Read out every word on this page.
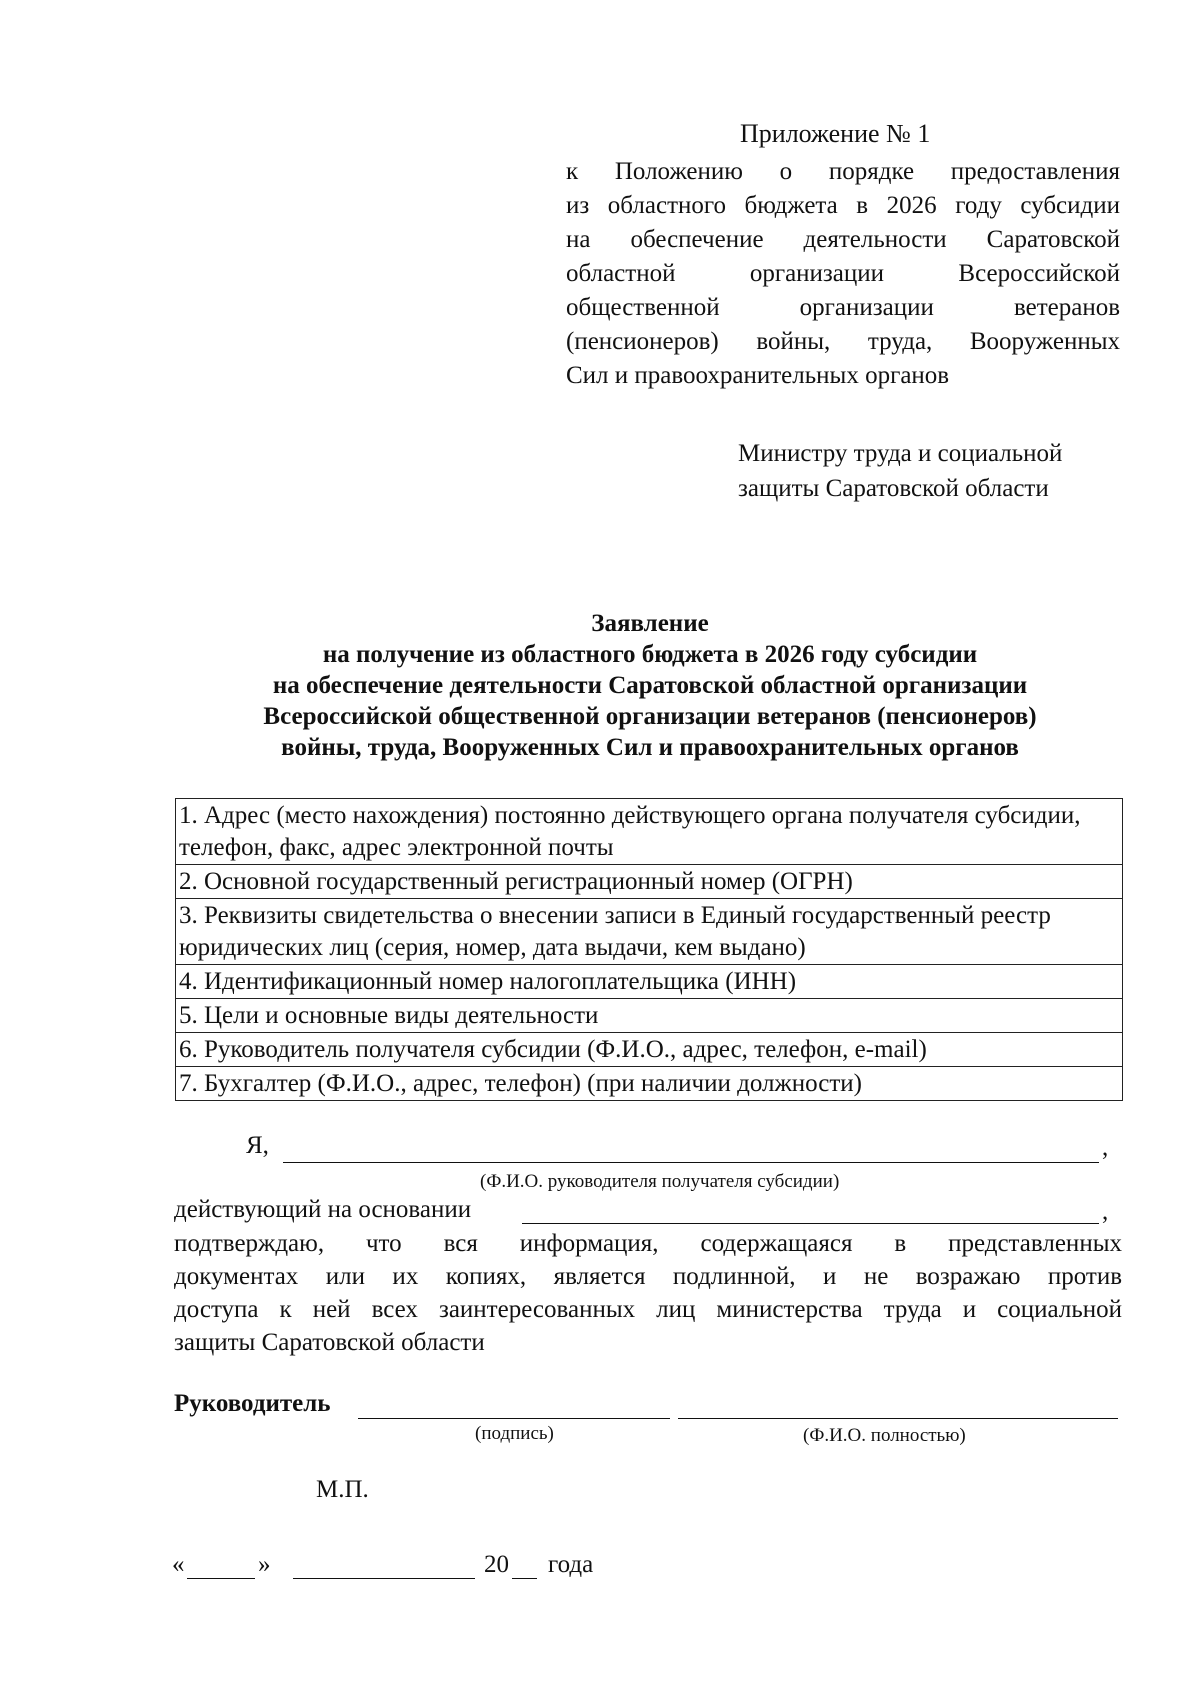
Приложение № 1
к Положению о порядке предоставления
из областного бюджета в 2026 году субсидии
на обеспечение деятельности Саратовской
областной организации Всероссийской
общественной организации ветеранов
(пенсионеров) войны, труда, Вооруженных
Сил и правоохранительных органов
Министру труда и социальной
защиты Саратовской области
Заявление
на получение из областного бюджета в 2026 году субсидии
на обеспечение деятельности Саратовской областной организации
Всероссийской общественной организации ветеранов (пенсионеров)
войны, труда, Вооруженных Сил и правоохранительных органов
1. Адрес (место нахождения) постоянно действующего органа получателя субсидии, телефон, факс, адрес электронной почты
2. Основной государственный регистрационный номер (ОГРН)
3. Реквизиты свидетельства о внесении записи в Единый государственный реестр юридических лиц (серия, номер, дата выдачи, кем выдано)
4. Идентификационный номер налогоплательщика (ИНН)
5. Цели и основные виды деятельности
6. Руководитель получателя субсидии (Ф.И.О., адрес, телефон, e-mail)
7. Бухгалтер (Ф.И.О., адрес, телефон) (при наличии должности)
Я,	,
(Ф.И.О. руководителя получателя субсидии)
действующий на основании	,
подтверждаю, что вся информация, содержащаяся в представленных
документах или их копиях, является подлинной, и не возражаю против
доступа к ней всех заинтересованных лиц министерства труда и социальной
защиты Саратовской области
Руководитель
(подпись)	(Ф.И.О. полностью)
М.П.
«	»	20 года
